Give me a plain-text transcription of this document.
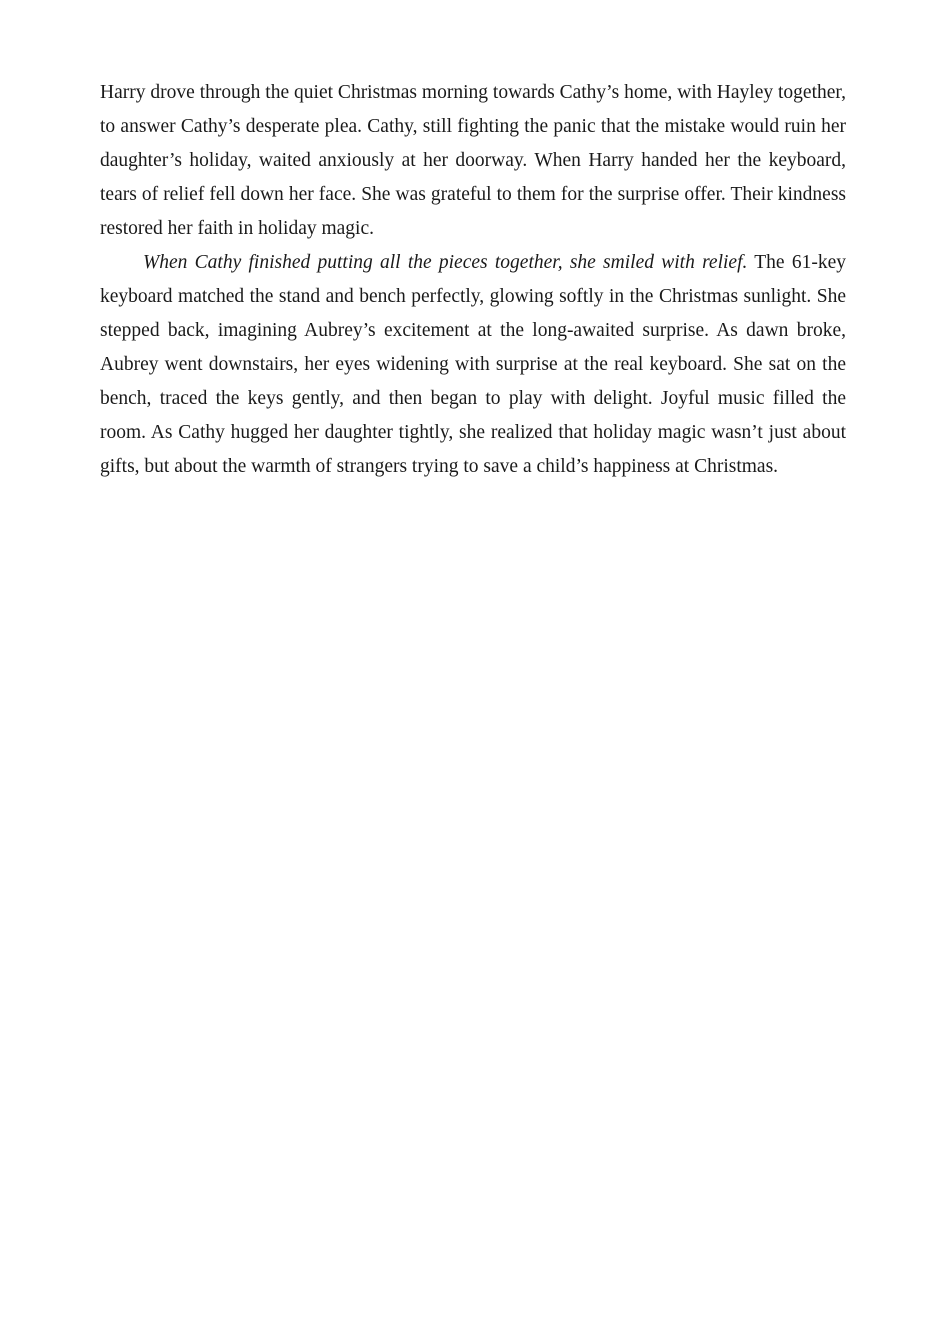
Harry drove through the quiet Christmas morning towards Cathy’s home, with Hayley together, to answer Cathy’s desperate plea. Cathy, still fighting the panic that the mistake would ruin her daughter’s holiday, waited anxiously at her doorway. When Harry handed her the keyboard, tears of relief fell down her face. She was grateful to them for the surprise offer. Their kindness restored her faith in holiday magic.

When Cathy finished putting all the pieces together, she smiled with relief. The 61-key keyboard matched the stand and bench perfectly, glowing softly in the Christmas sunlight. She stepped back, imagining Aubrey’s excitement at the long-awaited surprise. As dawn broke, Aubrey went downstairs, her eyes widening with surprise at the real keyboard. She sat on the bench, traced the keys gently, and then began to play with delight. Joyful music filled the room. As Cathy hugged her daughter tightly, she realized that holiday magic wasn’t just about gifts, but about the warmth of strangers trying to save a child’s happiness at Christmas.
